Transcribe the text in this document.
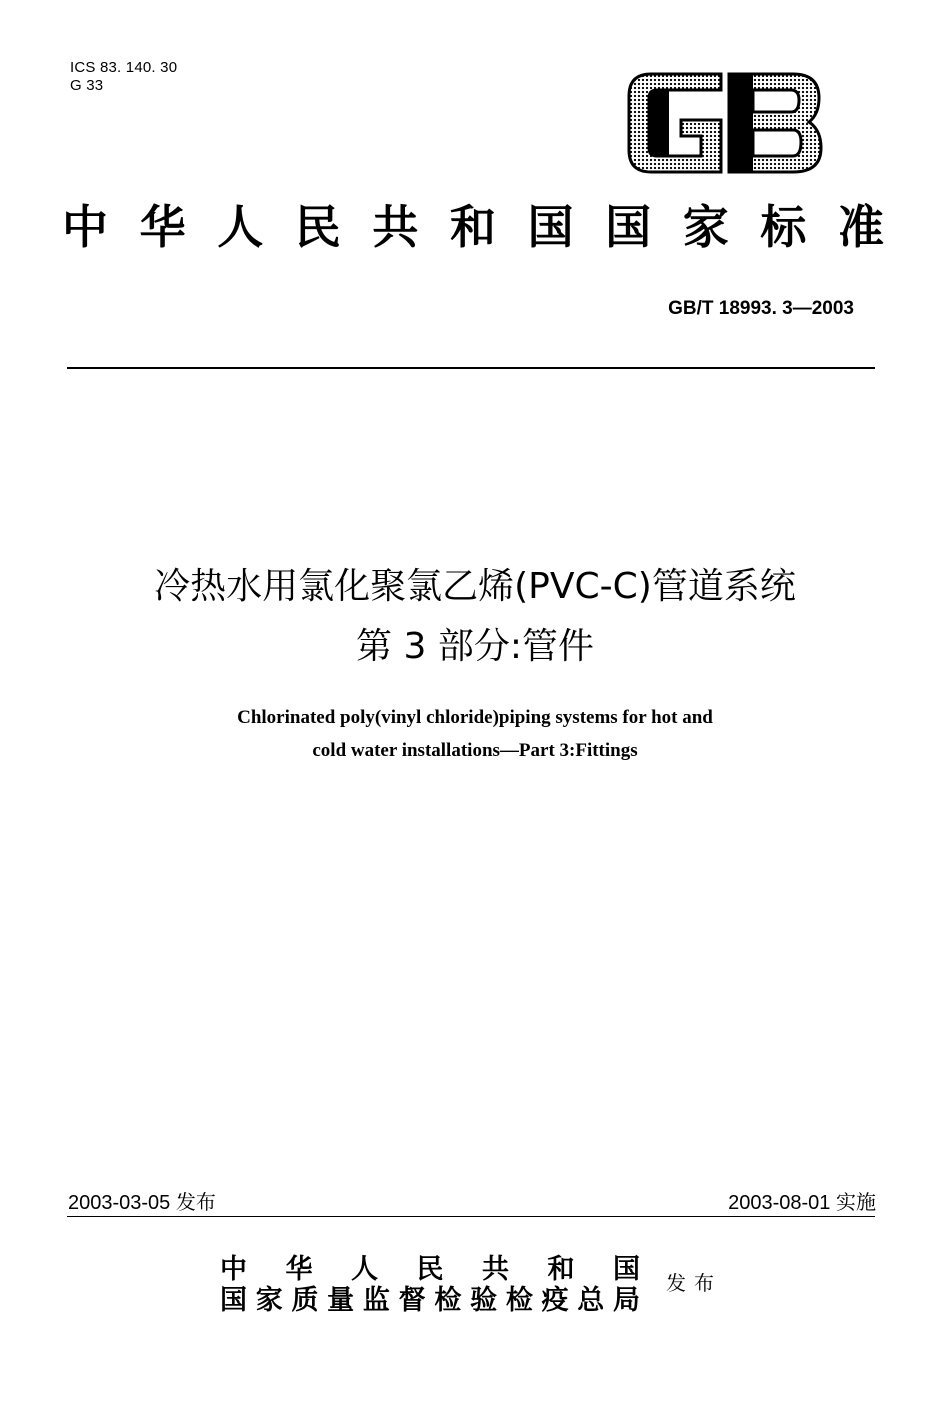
ICS 83. 140. 30
G 33
中华人民共和国国家标准
GB/T 18993. 3—2003
冷热水用氯化聚氯乙烯(PVC-C)管道系统
第 3 部分:管件
Chlorinated poly(vinyl chloride)piping systems for hot and
cold water installations—Part 3:Fittings
2003-03-05 发布	2003-08-01 实施
中华人民共和国
国家质量监督检验检疫总局
发布
